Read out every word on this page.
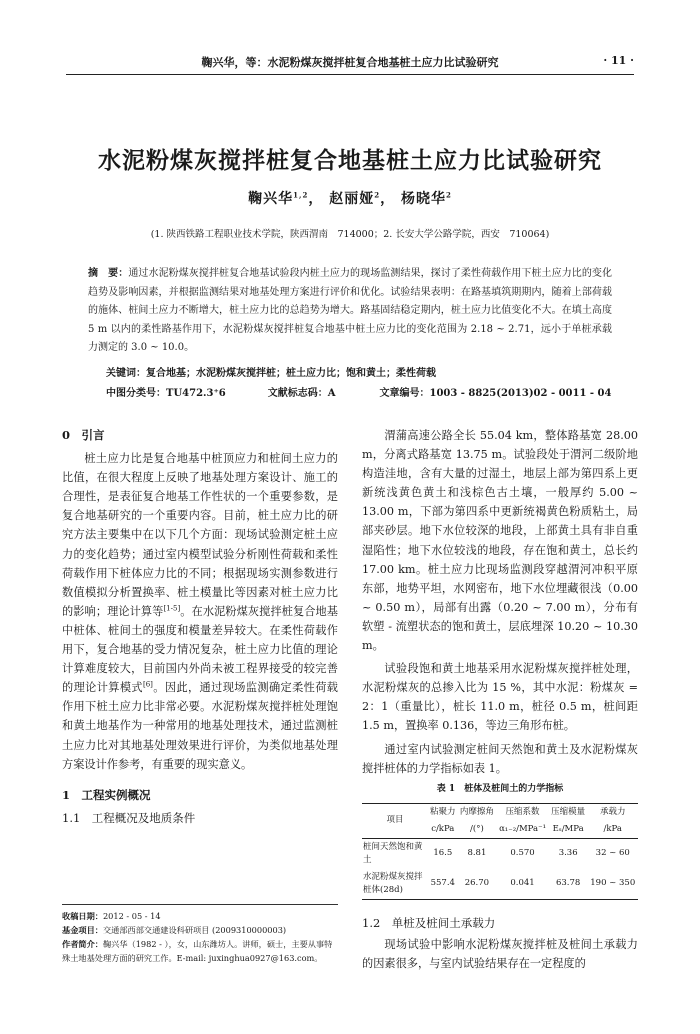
鞠兴华，等：水泥粉煤灰搅拌桩复合地基桩土应力比试验研究	· 11 ·
水泥粉煤灰搅拌桩复合地基桩土应力比试验研究
鞠兴华$^{1,2}$， 赵丽娅$^2$， 杨晓华$^2$
(1. 陕西铁路工程职业技术学院，陕西渭南　714000；2. 长安大学公路学院，西安　710064)
摘　要：通过水泥粉煤灰搅拌桩复合地基试验段内桩土应力的现场监测结果，探讨了柔性荷载作用下桩土应力比的变化趋势及影响因素，并根据监测结果对地基处理方案进行评价和优化。试验结果表明：在路基填筑期期内，随着上部荷载的施体、桩间土应力不断增大，桩土应力比的总趋势为增大。路基固结稳定期内，桩土应力比值变化不大。在填土高度 5 m 以内的柔性路基作用下，水泥粉煤灰搅拌桩复合地基中桩土应力比的变化范围为 2.18 ~ 2.71，远小于单桩承载力测定的 3.0 ~ 10.0。
关键词：复合地基；水泥粉煤灰搅拌桩；桩土应力比；饱和黄土；柔性荷载
中图分类号：TU472.3⁺6	文献标志码：A	文章编号：1003 - 8825(2013)02 - 0011 - 04
0　引言

桩土应力比是复合地基中桩顶应力和桩间土应力的比值，在很大程度上反映了地基处理方案设计、施工的合理性，是表征复合地基工作性状的一个重要参数，是复合地基研究的一个重要内容。目前，桩土应力比的研究方法主要集中在以下几个方面：现场试验测定桩土应力的变化趋势；通过室内模型试验分析刚性荷载和柔性荷载作用下桩体应力比的不同；根据现场实测参数进行数值模拟分析置换率、桩土模量比等因素对桩土应力比的影响；理论计算等[1-5]。在水泥粉煤灰搅拌桩复合地基中桩体、桩间土的强度和模量差异较大。在柔性荷载作用下，复合地基的受力情况复杂，桩土应力比值的理论计算难度较大，目前国内外尚未被工程界接受的较完善的理论计算模式[6]。因此，通过现场监测确定柔性荷载作用下桩土应力比非常必要。水泥粉煤灰搅拌桩处理饱和黄土地基作为一种常用的地基处理技术，通过监测桩土应力比对其地基处理效果进行评价，为类似地基处理方案设计作参考，有重要的现实意义。

1　工程实例概况
1.1　工程概况及地质条件
收稿日期：2012 - 05 - 14
基金项目：交通部西部交通建设科研项目 (2009310000003)
作者简介：鞠兴华（1982 - ），女，山东潍坊人。讲师，硕士，主要从事特殊土地基处理方面的研究工作。E-mail: juxinghua0927@163.com。

渭蒲高速公路全长 55.04 km，整体路基宽 28.00 m，分离式路基宽 13.75 m。试验段处于渭河二级阶地构造洼地，含有大量的过湿土，地层上部为第四系上更新统浅黄色黄土和浅棕色古土壤，一般厚约 5.00 ~ 13.00 m，下部为第四系中更新统褐黄色粉质粘土，局部夹砂层。地下水位较深的地段，上部黄土具有非自重湿陷性；地下水位较浅的地段，存在饱和黄土，总长约 17.00 km。桩土应力比现场监测段穿越渭河冲积平原东部，地势平坦，水网密布，地下水位埋藏很浅（0.00 ~ 0.50 m），局部有出露（0.20 ~ 7.00 m），分布有软塑 - 流塑状态的饱和黄土，层底埋深 10.20 ~ 10.30 m。

试验段饱和黄土地基采用水泥粉煤灰搅拌桩处理，水泥粉煤灰的总掺入比为 15 %，其中水泥：粉煤灰 = 2：1（重量比），桩长 11.0 m，桩径 0.5 m，桩间距 1.5 m，置换率 0.136，等边三角形布桩。

通过室内试验测定桩间天然饱和黄土及水泥粉煤灰搅拌桩体的力学指标如表 1。

表 1　桩体及桩间土的力学指标
项目	粘聚力	内摩擦角	压缩系数	压缩模量	承载力
	c/kPa	/(°)	α₁₋₂/MPa⁻¹	Eₛ/MPa	/kPa
桩间天然饱和黄土	16.5	8.81	0.570	3.36	32 ~ 60
水泥粉煤灰搅拌桩体(28d)	557.4	26.70	0.041	63.78	190 ~ 350
1.2　单桩及桩间土承载力

现场试验中影响水泥粉煤灰搅拌桩及桩间土承载力的因素很多，与室内试验结果存在一定程度的
